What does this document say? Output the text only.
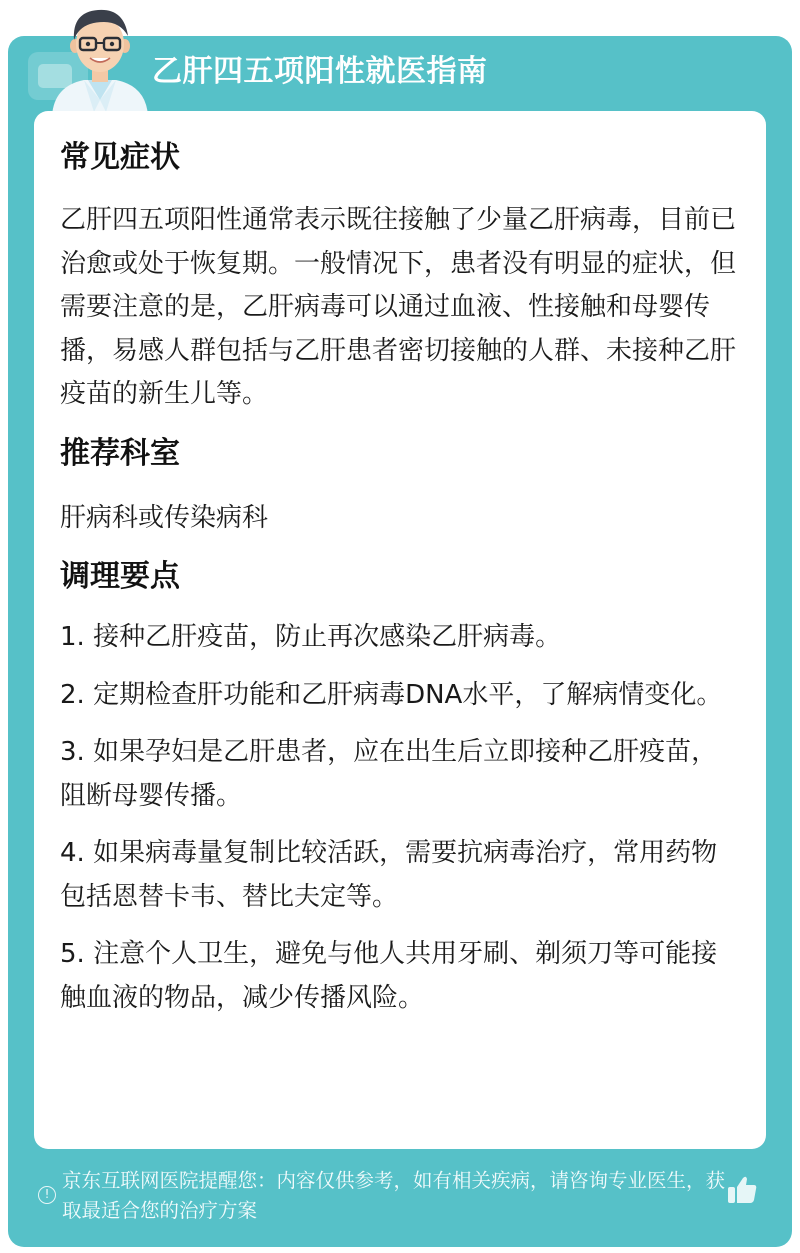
乙肝四五项阳性就医指南
常见症状
乙肝四五项阳性通常表示既往接触了少量乙肝病毒，目前已治愈或处于恢复期。一般情况下，患者没有明显的症状，但需要注意的是，乙肝病毒可以通过血液、性接触和母婴传播，易感人群包括与乙肝患者密切接触的人群、未接种乙肝疫苗的新生儿等。
推荐科室
肝病科或传染病科
调理要点
1. 接种乙肝疫苗，防止再次感染乙肝病毒。
2. 定期检查肝功能和乙肝病毒DNA水平，了解病情变化。
3. 如果孕妇是乙肝患者，应在出生后立即接种乙肝疫苗，阻断母婴传播。
4. 如果病毒量复制比较活跃，需要抗病毒治疗，常用药物包括恩替卡韦、替比夫定等。
5. 注意个人卫生，避免与他人共用牙刷、剃须刀等可能接触血液的物品，减少传播风险。
!
京东互联网医院提醒您：内容仅供参考，如有相关疾病，请咨询专业医生，获取最适合您的治疗方案
